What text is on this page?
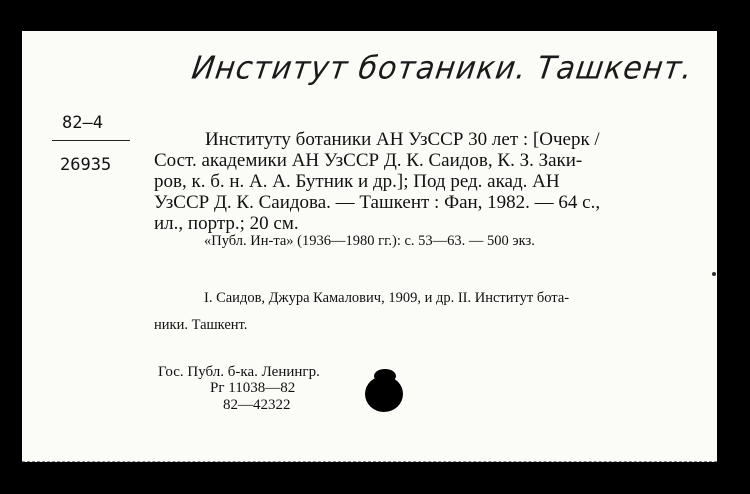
Институт ботаники. Ташкент.
82—4
26935
Институту ботаники АН УзССР 30 лет : [Очерк /
Сост. академики АН УзССР Д. К. Саидов, К. З. Заки-
ров, к. б. н. А. А. Бутник и др.]; Под ред. акад. АН
УзССР Д. К. Саидова. — Ташкент : Фан, 1982. — 64 с.,
ил., портр.; 20 см.
«Публ. Ин-та» (1936—1980 гг.): с. 53—63. — 500 экз.
I. Саидов, Джура Камалович, 1909, и др. II. Институт бота-
ники. Ташкент.
Гос. Публ. б-ка. Ленингр.
Рг 11038—82
82—42322
